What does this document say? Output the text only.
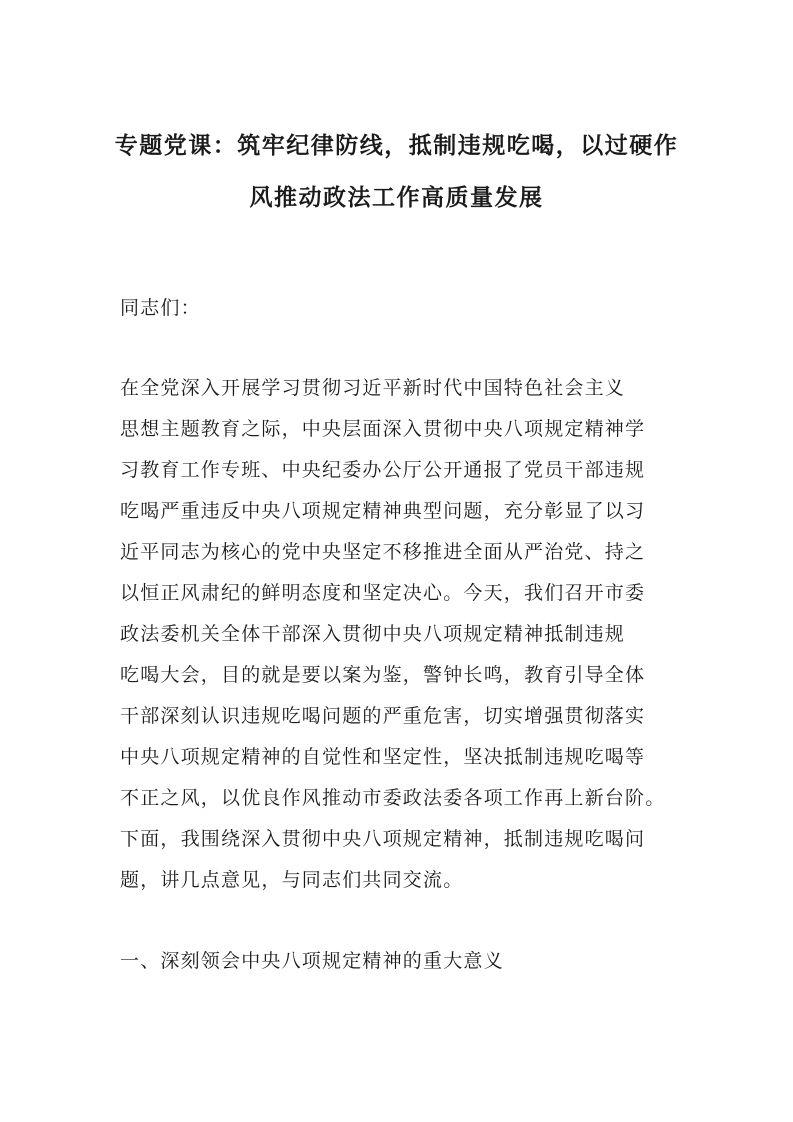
专题党课：筑牢纪律防线，抵制违规吃喝，以过硬作
风推动政法工作高质量发展
同志们：
在全党深入开展学习贯彻习近平新时代中国特色社会主义
思想主题教育之际，中央层面深入贯彻中央八项规定精神学
习教育工作专班、中央纪委办公厅公开通报了党员干部违规
吃喝严重违反中央八项规定精神典型问题，充分彰显了以习
近平同志为核心的党中央坚定不移推进全面从严治党、持之
以恒正风肃纪的鲜明态度和坚定决心。今天，我们召开市委
政法委机关全体干部深入贯彻中央八项规定精神抵制违规
吃喝大会，目的就是要以案为鉴，警钟长鸣，教育引导全体
干部深刻认识违规吃喝问题的严重危害，切实增强贯彻落实
中央八项规定精神的自觉性和坚定性，坚决抵制违规吃喝等
不正之风，以优良作风推动市委政法委各项工作再上新台阶。
下面，我围绕深入贯彻中央八项规定精神，抵制违规吃喝问
题，讲几点意见，与同志们共同交流。
一、深刻领会中央八项规定精神的重大意义
